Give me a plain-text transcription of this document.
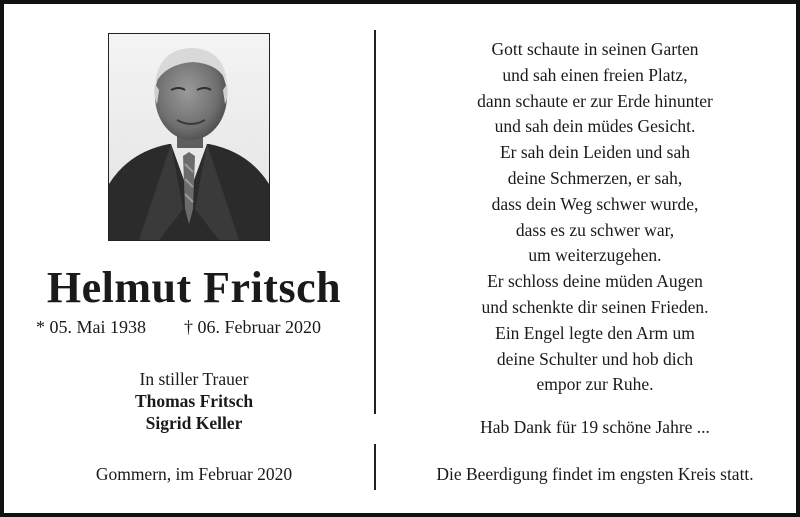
Helmut Fritsch
* 05. Mai 1938 † 06. Februar 2020
In stiller Trauer
Thomas Fritsch
Sigrid Keller
Gommern, im Februar 2020
Gott schaute in seinen Garten
und sah einen freien Platz,
dann schaute er zur Erde hinunter
und sah dein müdes Gesicht.
Er sah dein Leiden und sah
deine Schmerzen, er sah,
dass dein Weg schwer wurde,
dass es zu schwer war,
um weiterzugehen.
Er schloss deine müden Augen
und schenkte dir seinen Frieden.
Ein Engel legte den Arm um
deine Schulter und hob dich
empor zur Ruhe.
Hab Dank für 19 schöne Jahre ...
Die Beerdigung findet im engsten Kreis statt.
